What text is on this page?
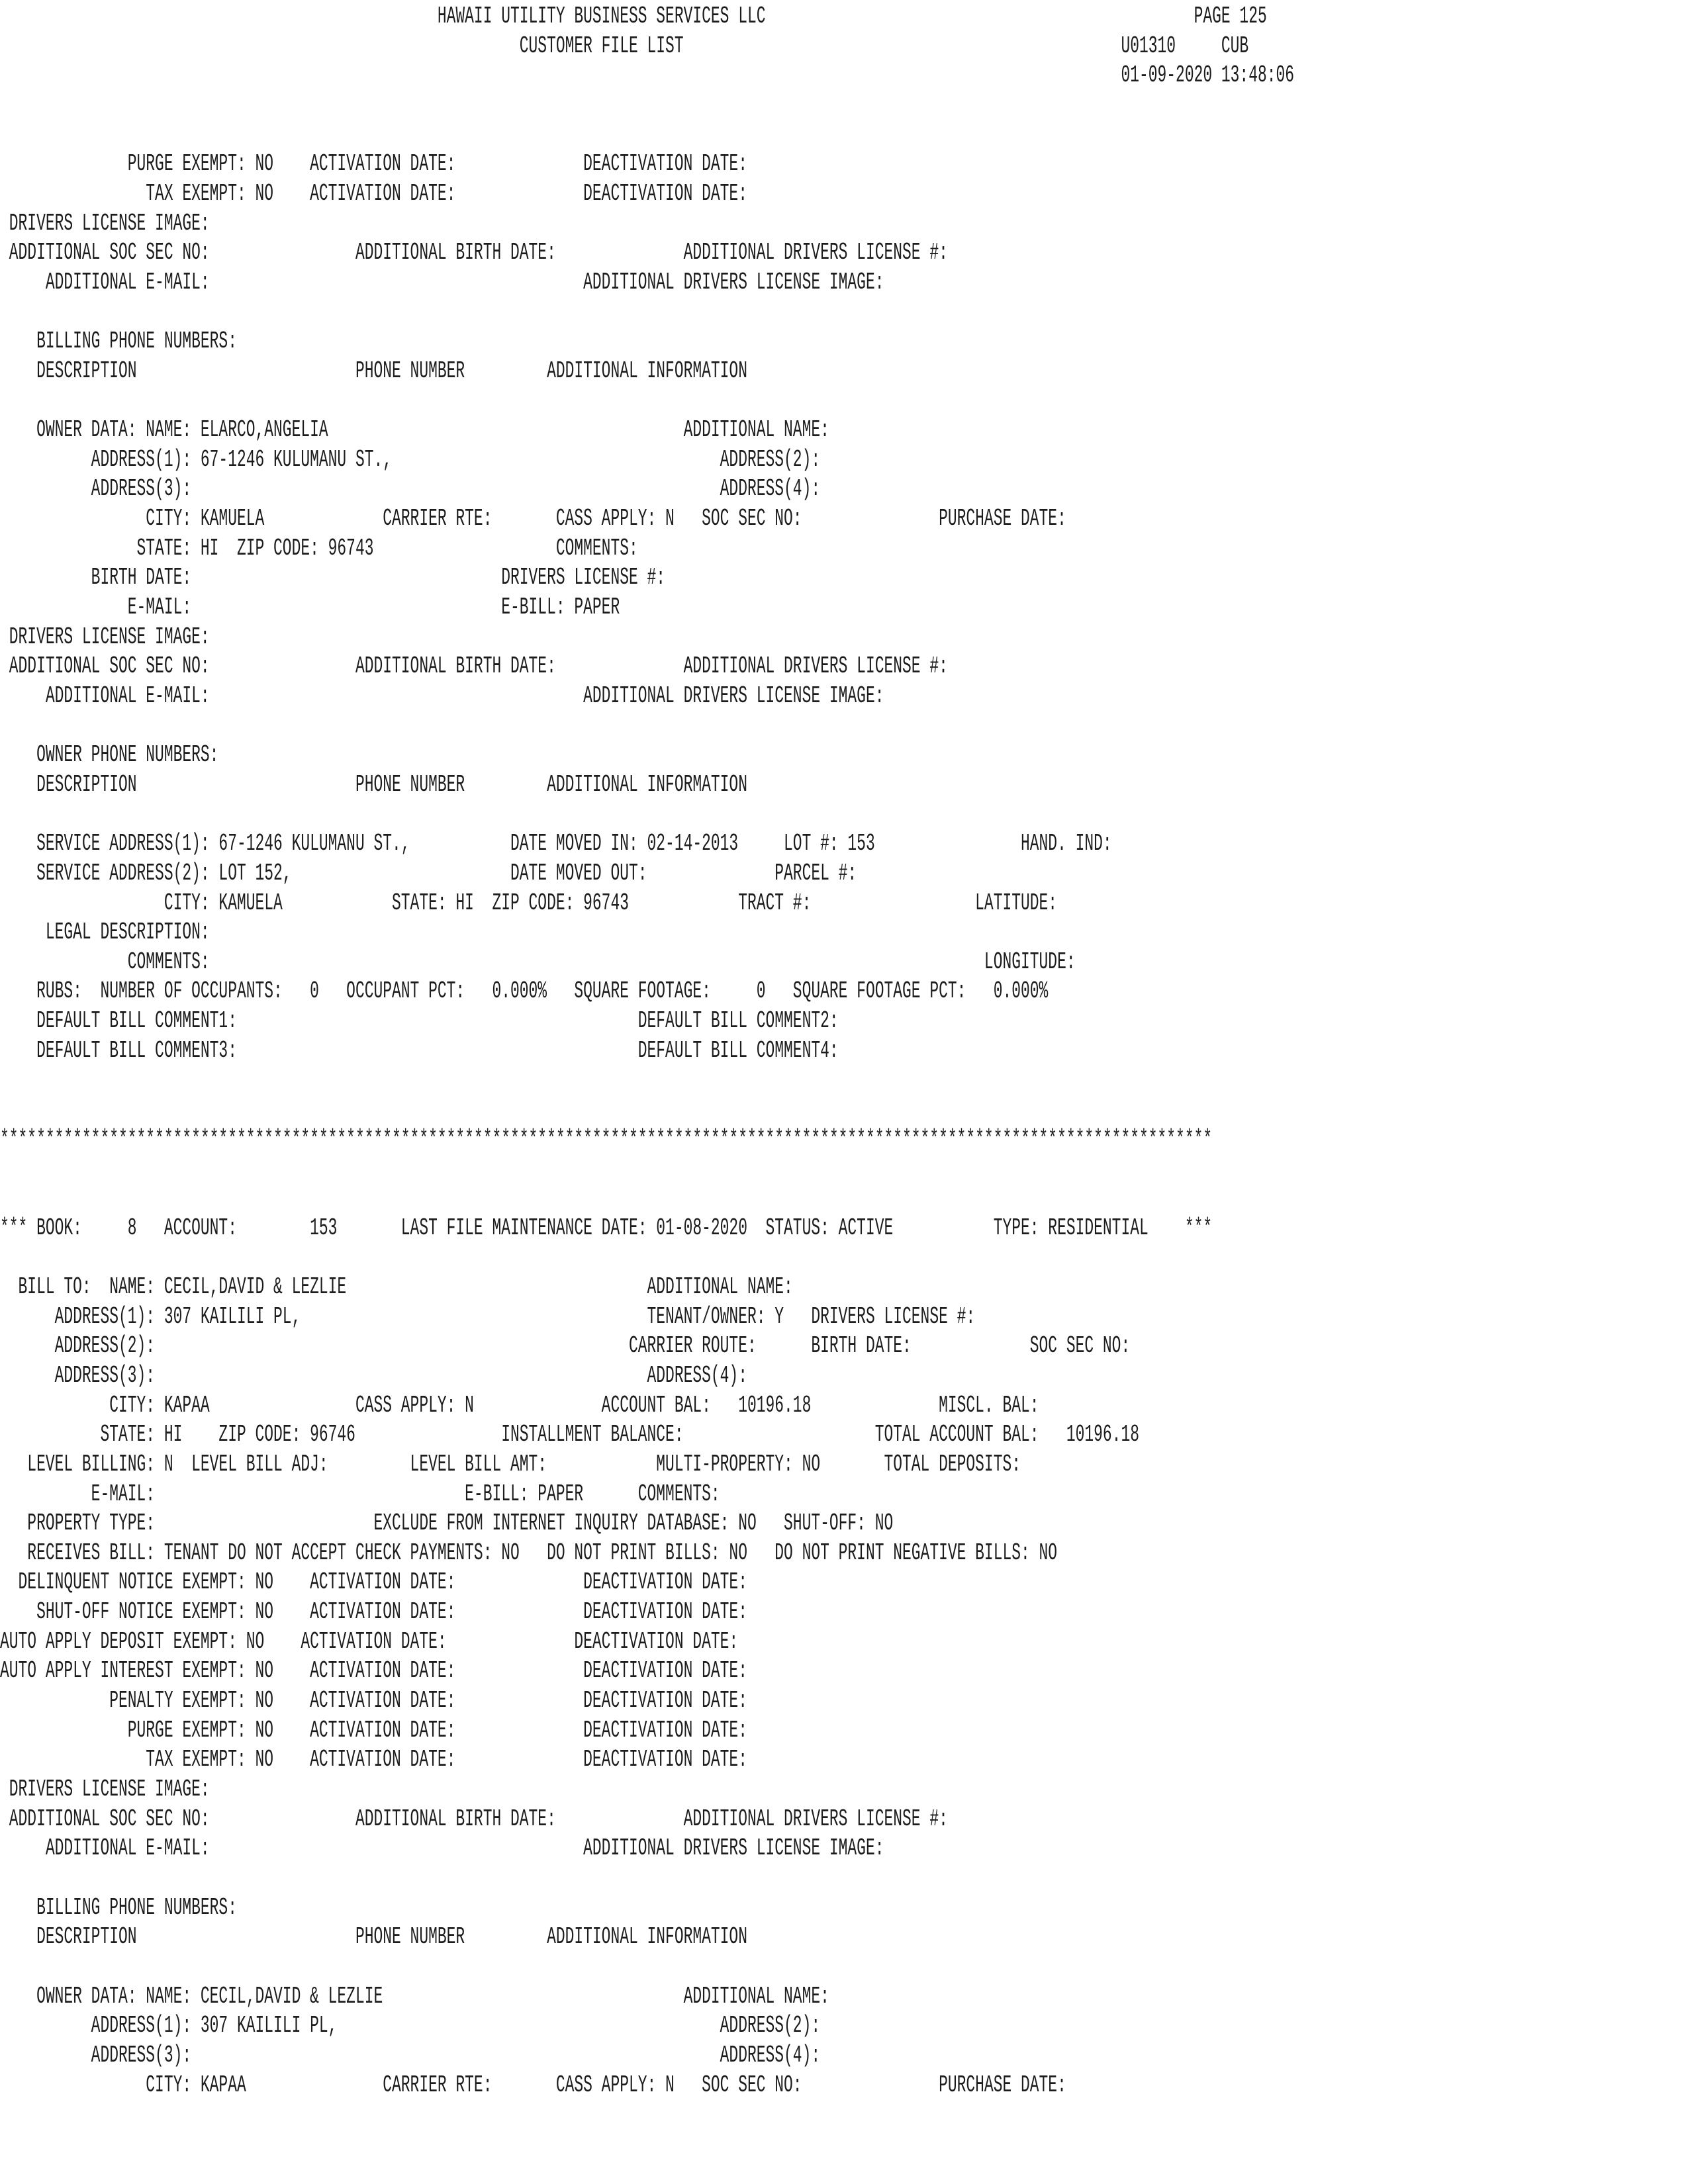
HAWAII UTILITY BUSINESS SERVICES LLC                                               PAGE 125
CUSTOMER FILE LIST                                                U01310     CUB
01-09-2020 13:48:06
PURGE EXEMPT: NO    ACTIVATION DATE:              DEACTIVATION DATE:
TAX EXEMPT: NO    ACTIVATION DATE:              DEACTIVATION DATE:
DRIVERS LICENSE IMAGE:
ADDITIONAL SOC SEC NO:                ADDITIONAL BIRTH DATE:              ADDITIONAL DRIVERS LICENSE #:
ADDITIONAL E-MAIL:                                         ADDITIONAL DRIVERS LICENSE IMAGE:
BILLING PHONE NUMBERS:
DESCRIPTION                        PHONE NUMBER         ADDITIONAL INFORMATION
OWNER DATA: NAME: ELARCO,ANGELIA                                       ADDITIONAL NAME:
ADDRESS(1): 67-1246 KULUMANU ST.,                                    ADDRESS(2):
ADDRESS(3):                                                          ADDRESS(4):
CITY: KAMUELA             CARRIER RTE:       CASS APPLY: N   SOC SEC NO:               PURCHASE DATE:
STATE: HI  ZIP CODE: 96743                    COMMENTS:
BIRTH DATE:                                  DRIVERS LICENSE #:
E-MAIL:                                  E-BILL: PAPER
DRIVERS LICENSE IMAGE:
ADDITIONAL SOC SEC NO:                ADDITIONAL BIRTH DATE:              ADDITIONAL DRIVERS LICENSE #:
ADDITIONAL E-MAIL:                                         ADDITIONAL DRIVERS LICENSE IMAGE:
OWNER PHONE NUMBERS:
DESCRIPTION                        PHONE NUMBER         ADDITIONAL INFORMATION
SERVICE ADDRESS(1): 67-1246 KULUMANU ST.,           DATE MOVED IN: 02-14-2013     LOT #: 153                HAND. IND:
SERVICE ADDRESS(2): LOT 152,                        DATE MOVED OUT:              PARCEL #:
CITY: KAMUELA            STATE: HI  ZIP CODE: 96743            TRACT #:                  LATITUDE:
LEGAL DESCRIPTION:
COMMENTS:                                                                                     LONGITUDE:
RUBS:  NUMBER OF OCCUPANTS:   0   OCCUPANT PCT:   0.000%   SQUARE FOOTAGE:     0   SQUARE FOOTAGE PCT:   0.000%
DEFAULT BILL COMMENT1:                                            DEFAULT BILL COMMENT2:
DEFAULT BILL COMMENT3:                                            DEFAULT BILL COMMENT4:
*************************************************************************************************************************************
*** BOOK:     8   ACCOUNT:        153       LAST FILE MAINTENANCE DATE: 01-08-2020  STATUS: ACTIVE           TYPE: RESIDENTIAL    ***
BILL TO:  NAME: CECIL,DAVID & LEZLIE                                 ADDITIONAL NAME:
ADDRESS(1): 307 KAILILI PL,                                      TENANT/OWNER: Y   DRIVERS LICENSE #:
ADDRESS(2):                                                    CARRIER ROUTE:      BIRTH DATE:             SOC SEC NO:
ADDRESS(3):                                                      ADDRESS(4):
CITY: KAPAA                CASS APPLY: N              ACCOUNT BAL:   10196.18              MISCL. BAL:
STATE: HI    ZIP CODE: 96746                INSTALLMENT BALANCE:                     TOTAL ACCOUNT BAL:   10196.18
LEVEL BILLING: N  LEVEL BILL ADJ:         LEVEL BILL AMT:            MULTI-PROPERTY: NO       TOTAL DEPOSITS:
E-MAIL:                                  E-BILL: PAPER      COMMENTS:
PROPERTY TYPE:                        EXCLUDE FROM INTERNET INQUIRY DATABASE: NO   SHUT-OFF: NO
RECEIVES BILL: TENANT DO NOT ACCEPT CHECK PAYMENTS: NO   DO NOT PRINT BILLS: NO   DO NOT PRINT NEGATIVE BILLS: NO
DELINQUENT NOTICE EXEMPT: NO    ACTIVATION DATE:              DEACTIVATION DATE:
SHUT-OFF NOTICE EXEMPT: NO    ACTIVATION DATE:              DEACTIVATION DATE:
AUTO APPLY DEPOSIT EXEMPT: NO    ACTIVATION DATE:              DEACTIVATION DATE:
AUTO APPLY INTEREST EXEMPT: NO    ACTIVATION DATE:              DEACTIVATION DATE:
PENALTY EXEMPT: NO    ACTIVATION DATE:              DEACTIVATION DATE:
PURGE EXEMPT: NO    ACTIVATION DATE:              DEACTIVATION DATE:
TAX EXEMPT: NO    ACTIVATION DATE:              DEACTIVATION DATE:
DRIVERS LICENSE IMAGE:
ADDITIONAL SOC SEC NO:                ADDITIONAL BIRTH DATE:              ADDITIONAL DRIVERS LICENSE #:
ADDITIONAL E-MAIL:                                         ADDITIONAL DRIVERS LICENSE IMAGE:
BILLING PHONE NUMBERS:
DESCRIPTION                        PHONE NUMBER         ADDITIONAL INFORMATION
OWNER DATA: NAME: CECIL,DAVID & LEZLIE                                 ADDITIONAL NAME:
ADDRESS(1): 307 KAILILI PL,                                          ADDRESS(2):
ADDRESS(3):                                                          ADDRESS(4):
CITY: KAPAA               CARRIER RTE:       CASS APPLY: N   SOC SEC NO:               PURCHASE DATE:
